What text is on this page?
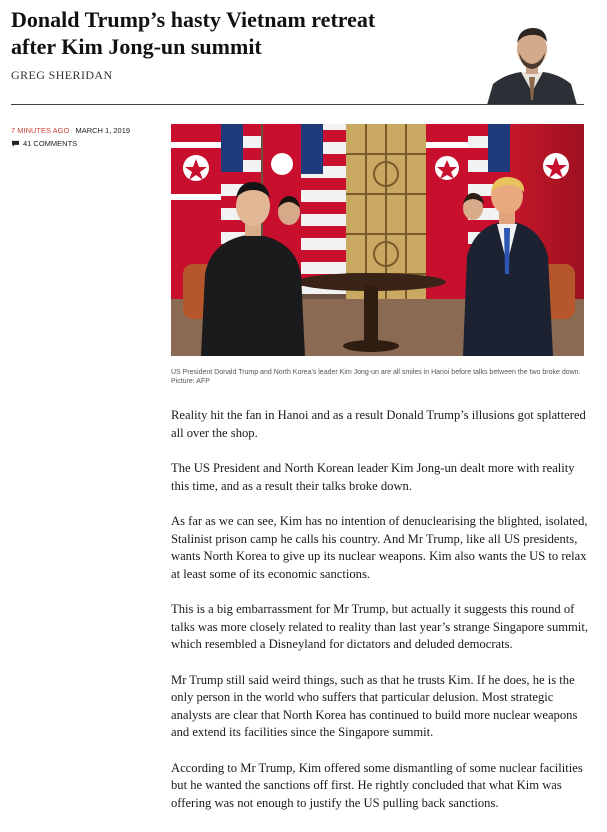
Donald Trump’s hasty Vietnam retreat
after Kim Jong-un summit
GREG SHERIDAN
7 MINUTES AGO MARCH 1, 2019
41 COMMENTS

US President Donald Trump and North Korea's leader Kim Jong-un are all smiles in Hanoi before talks between the two broke down. Picture: AFP

Reality hit the fan in Hanoi and as a result Donald Trump’s illusions got splattered all over the shop.

The US President and North Korean leader Kim Jong-un dealt more with reality this time, and as a result their talks broke down.

As far as we can see, Kim has no intention of denuclearising the blighted, isolated, Stalinist prison camp he calls his country. And Mr Trump, like all US presidents, wants North Korea to give up its nuclear weapons. Kim also wants the US to relax at least some of its economic sanctions.

This is a big embarrassment for Mr Trump, but actually it suggests this round of talks was more closely related to reality than last year’s strange Singapore summit, which resembled a Disneyland for dictators and deluded democrats.

Mr Trump still said weird things, such as that he trusts Kim. If he does, he is the only person in the world who suffers that particular delusion. Most strategic analysts are clear that North Korea has continued to build more nuclear weapons and extend its facilities since the Singapore summit.

According to Mr Trump, Kim offered some dismantling of some nuclear facilities but he wanted the sanctions off first. He rightly concluded that what Kim was offering was not enough to justify the US pulling back sanctions.
